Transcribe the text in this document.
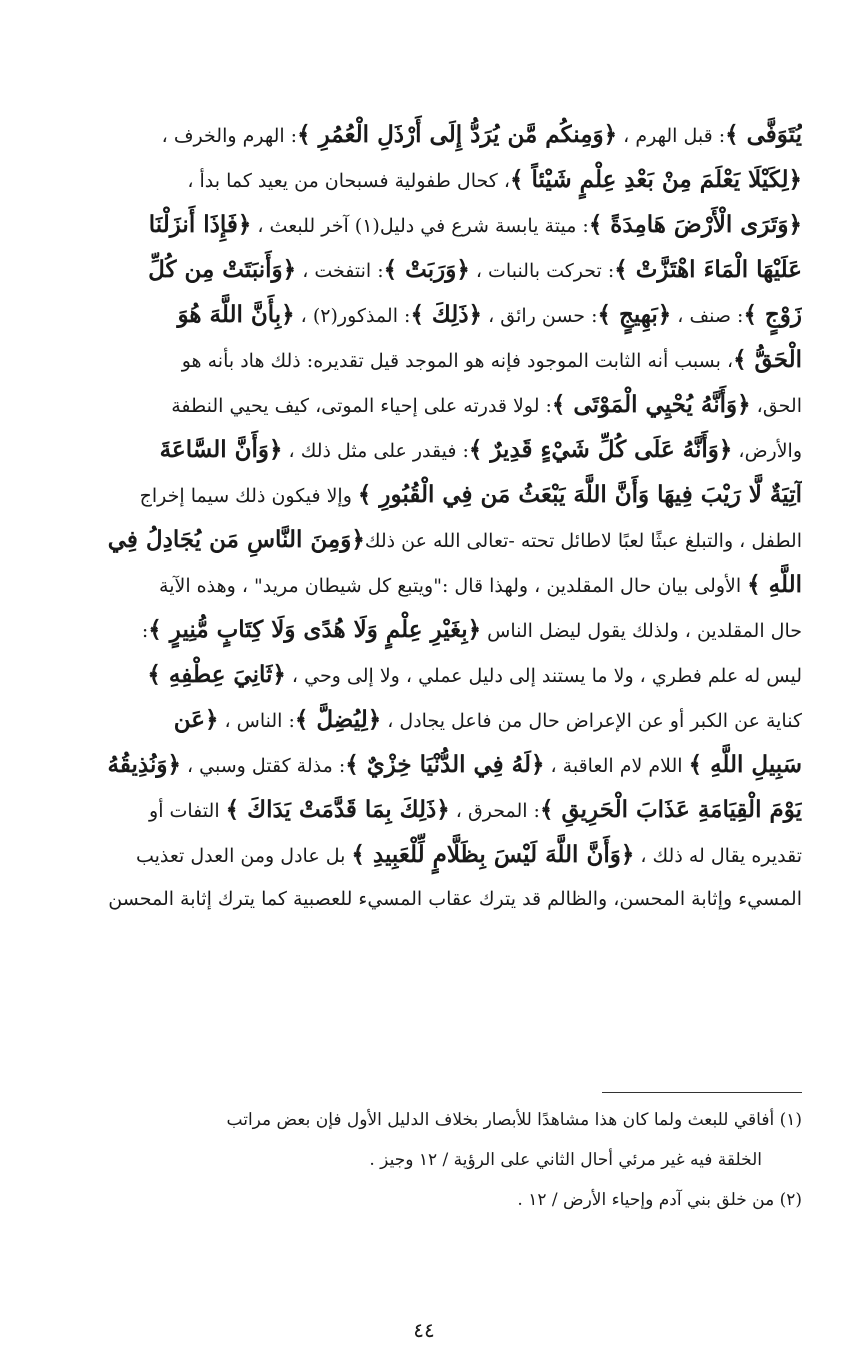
يُتَوَفَّى ﴾: قبل الهرم ، ﴿وَمِنكُم مَّن يُرَدُّ إِلَى أَرْذَلِ الْعُمُرِ ﴾: الهرم والخرف ،
﴿لِكَيْلَا يَعْلَمَ مِنْ بَعْدِ عِلْمٍ شَيْئاً ﴾، كحال طفولية فسبحان من يعيد كما بدأ ،
﴿وَتَرَى الْأَرْضَ هَامِدَةً ﴾: ميتة يابسة شرع في دليل(١) آخر للبعث ، ﴿فَإِذَا أَنزَلْنَا
عَلَيْهَا الْمَاءَ اهْتَزَّتْ ﴾: تحركت بالنبات ، ﴿وَرَبَتْ ﴾: انتفخت ، ﴿وَأَنبَتَتْ مِن كُلِّ
زَوْجٍ ﴾: صنف ، ﴿بَهِيجٍ ﴾: حسن رائق ، ﴿ذَلِكَ ﴾: المذكور(٢) ، ﴿بِأَنَّ اللَّهَ هُوَ
الْحَقُّ ﴾، بسبب أنه الثابت الموجود فإنه هو الموجد قيل تقديره: ذلك هاد بأنه هو
الحق، ﴿وَأَنَّهُ يُحْيِي الْمَوْتَى ﴾: لولا قدرته على إحياء الموتى، كيف يحيي النطفة
والأرض، ﴿وَأَنَّهُ عَلَى كُلِّ شَيْءٍ قَدِيرٌ ﴾: فيقدر على مثل ذلك ، ﴿وَأَنَّ السَّاعَةَ
آتِيَةٌ لَّا رَيْبَ فِيهَا وَأَنَّ اللَّهَ يَبْعَثُ مَن فِي الْقُبُورِ ﴾ وإلا فيكون ذلك سيما إخراج
الطفل ، والتبلغ عبثًا لعبًا لاطائل تحته -تعالى الله عن ذلك﴿وَمِنَ النَّاسِ مَن يُجَادِلُ فِي
اللَّهِ ﴾ الأولى بيان حال المقلدين ، ولهذا قال :"ويتبع كل شيطان مريد" ، وهذه الآية
حال المقلدين ، ولذلك يقول ليضل الناس ﴿بِغَيْرِ عِلْمٍ وَلَا هُدًى وَلَا كِتَابٍ مُّنِيرٍ ﴾:
ليس له علم فطري ، ولا ما يستند إلى دليل عملي ، ولا إلى وحي ، ﴿ثَانِيَ عِطْفِهِ ﴾
كناية عن الكبر أو عن الإعراض حال من فاعل يجادل ، ﴿لِيُضِلَّ ﴾: الناس ، ﴿عَن
سَبِيلِ اللَّهِ ﴾ اللام لام العاقبة ، ﴿لَهُ فِي الدُّنْيَا خِزْيٌ ﴾: مذلة كقتل وسبي ، ﴿وَنُذِيقُهُ
يَوْمَ الْقِيَامَةِ عَذَابَ الْحَرِيقِ ﴾: المحرق ، ﴿ذَلِكَ بِمَا قَدَّمَتْ يَدَاكَ ﴾ التفات أو
تقديره يقال له ذلك ، ﴿وَأَنَّ اللَّهَ لَيْسَ بِظَلَّامٍ لِّلْعَبِيدِ ﴾ بل عادل ومن العدل تعذيب
المسيء وإثابة المحسن، والظالم قد يترك عقاب المسيء للعصبية كما يترك إثابة المحسن
(١) أفاقي للبعث ولما كان هذا مشاهدًا للأبصار بخلاف الدليل الأول فإن بعض مراتب
الخلقة فيه غير مرئي أحال الثاني على الرؤية / ١٢ وجيز .
(٢) من خلق بني آدم وإحياء الأرض / ١٢ .
٤٤
